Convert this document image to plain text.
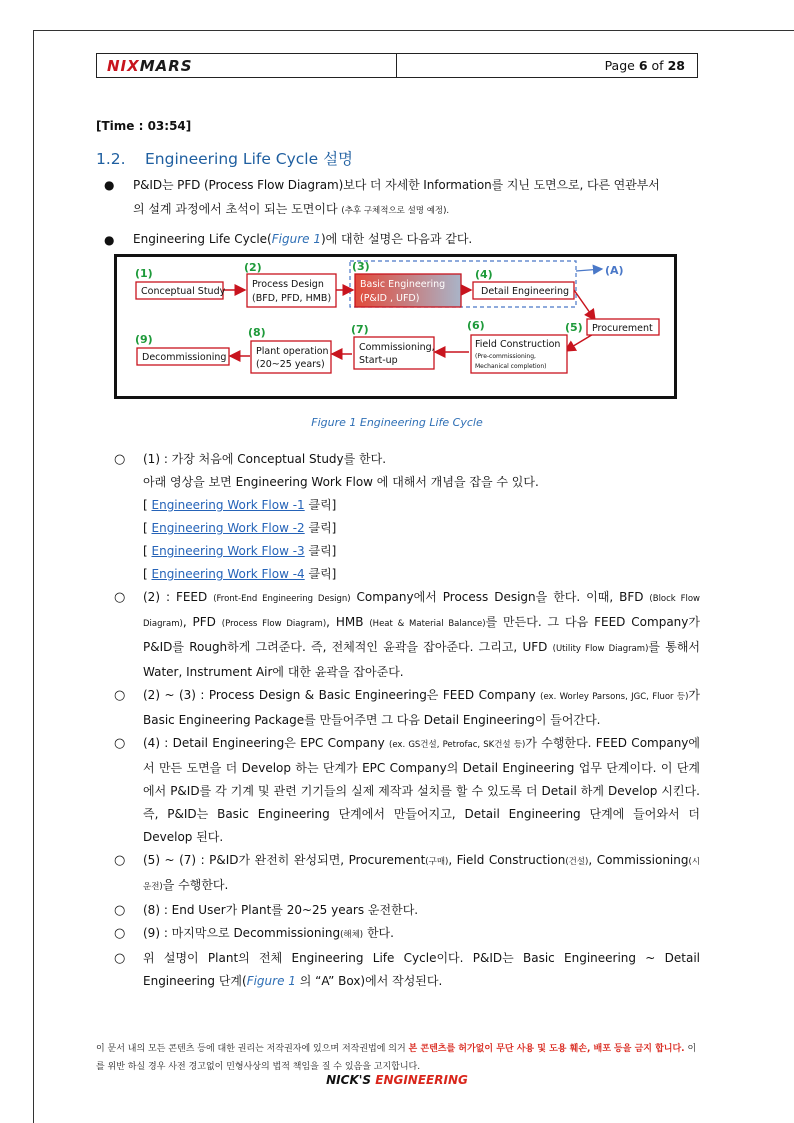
NIXMARS	Page 6 of 28
[Time : 03:54]
1.2. Engineering Life Cycle 설명
● P&ID는 PFD (Process Flow Diagram)보다 더 자세한 Information를 지닌 도면으로, 다른 연관부서
의 설계 과정에서 초석이 되는 도면이다 (추후 구체적으로 설명 예정).
● Engineering Life Cycle(Figure 1)에 대한 설명은 다음과 같다.
Conceptual Study
Process Design
(BFD, PFD, HMB)
Basic Engineering
(P&ID , UFD)
Detail Engineering
Procurement
Field Construction
(Pre-commissioning,
Mechanical completion)
Commissioning,
Start-up
Plant operation
(20~25 years)
Decommissioning
(1)	(2)	(3)
(4)
(5)
(6)
(7)
(8)
(9)
(A)
Figure 1 Engineering Life Cycle
○	(1) : 가장 처음에 Conceptual Study를 한다.
아래 영상을 보면 Engineering Work Flow 에 대해서 개념을 잡을 수 있다.
[ Engineering Work Flow -1 클릭]
[ Engineering Work Flow -2 클릭]
[ Engineering Work Flow -3 클릭]
[ Engineering Work Flow -4 클릭]
○	(2) : FEED (Front-End Engineering Design) Company에서 Process Design을 한다. 이때, BFD (Block Flow Diagram), PFD (Process Flow Diagram), HMB (Heat & Material Balance)를 만든다. 그 다음 FEED Company가 P&ID를 Rough하게 그려준다. 즉, 전체적인 윤곽을 잡아준다. 그리고, UFD (Utility Flow Diagram)를 통해서 Water, Instrument Air에 대한 윤곽을 잡아준다.
○	(2) ~ (3) : Process Design & Basic Engineering은 FEED Company (ex. Worley Parsons, JGC, Fluor 등)가 Basic Engineering Package를 만들어주면 그 다음 Detail Engineering이 들어간다.
○	(4) : Detail Engineering은 EPC Company (ex. GS건설, Petrofac, SK건설 등)가 수행한다. FEED Company에서 만든 도면을 더 Develop 하는 단계가 EPC Company의 Detail Engineering 업무 단계이다. 이 단계에서 P&ID를 각 기계 및 관련 기기들의 실제 제작과 설치를 할 수 있도록 더 Detail 하게 Develop 시킨다. 즉, P&ID는 Basic Engineering 단계에서 만들어지고, Detail Engineering 단계에 들어와서 더 Develop 된다.
○	(5) ~ (7) : P&ID가 완전히 완성되면, Procurement(구매), Field Construction(건설), Commissioning(시운전)을 수행한다.
○	(8) : End User가 Plant를 20~25 years 운전한다.
○	(9) : 마지막으로 Decommissioning(해체) 한다.
○	위 설명이 Plant의 전체 Engineering Life Cycle이다. P&ID는 Basic Engineering ~ Detail Engineering 단계(Figure 1 의 “A” Box)에서 작성된다.
이 문서 내의 모든 콘텐츠 등에 대한 권리는 저작권자에 있으며 저작권법에 의거 본 콘텐츠를 허가없이 무단 사용 및 도용 훼손, 배포 등을 금지 합니다. 이를 위반 하실 경우 사전 경고없이 민형사상의 법적 책임을 질 수 있음을 고지합니다.
NICK'S ENGINEERING
